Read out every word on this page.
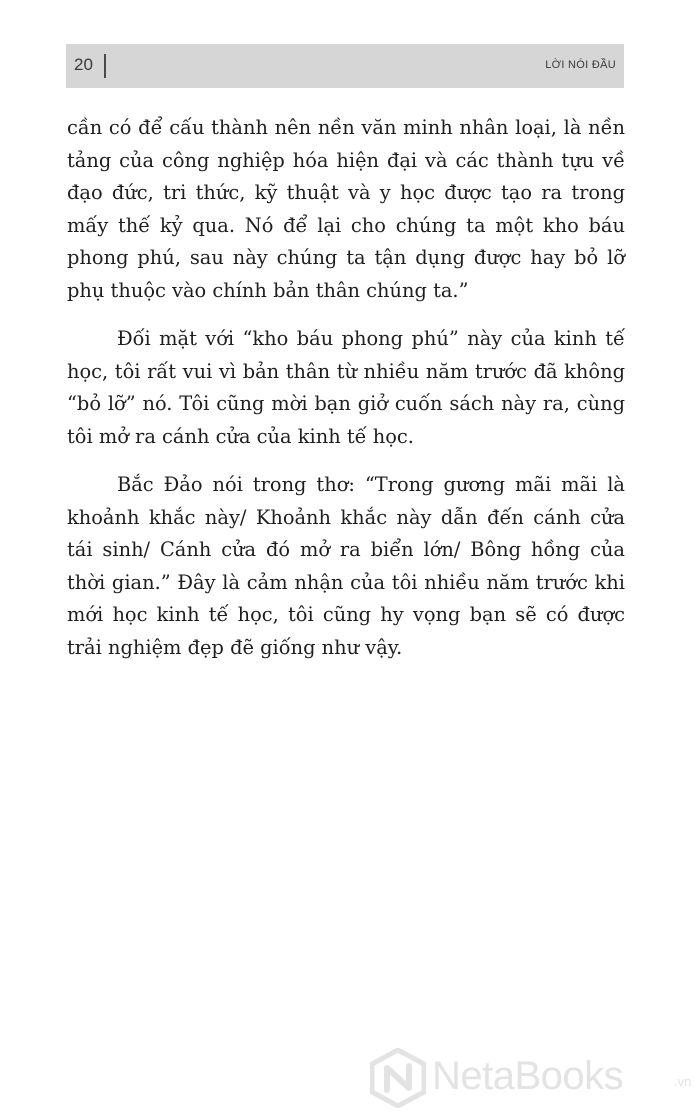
20	LỜI NÓI ĐẦU

cần có để cấu thành nên nền văn minh nhân loại, là nền tảng của công nghiệp hóa hiện đại và các thành tựu về đạo đức, tri thức, kỹ thuật và y học được tạo ra trong mấy thế kỷ qua. Nó để lại cho chúng ta một kho báu phong phú, sau này chúng ta tận dụng được hay bỏ lỡ phụ thuộc vào chính bản thân chúng ta.”

Đối mặt với “kho báu phong phú” này của kinh tế học, tôi rất vui vì bản thân từ nhiều năm trước đã không “bỏ lỡ” nó. Tôi cũng mời bạn giở cuốn sách này ra, cùng tôi mở ra cánh cửa của kinh tế học.

Bắc Đảo nói trong thơ: “Trong gương mãi mãi là khoảnh khắc này/ Khoảnh khắc này dẫn đến cánh cửa tái sinh/ Cánh cửa đó mở ra biển lớn/ Bông hồng của thời gian.” Đây là cảm nhận của tôi nhiều năm trước khi mới học kinh tế học, tôi cũng hy vọng bạn sẽ có được trải nghiệm đẹp đẽ giống như vậy.

NetaBooks	.vn
